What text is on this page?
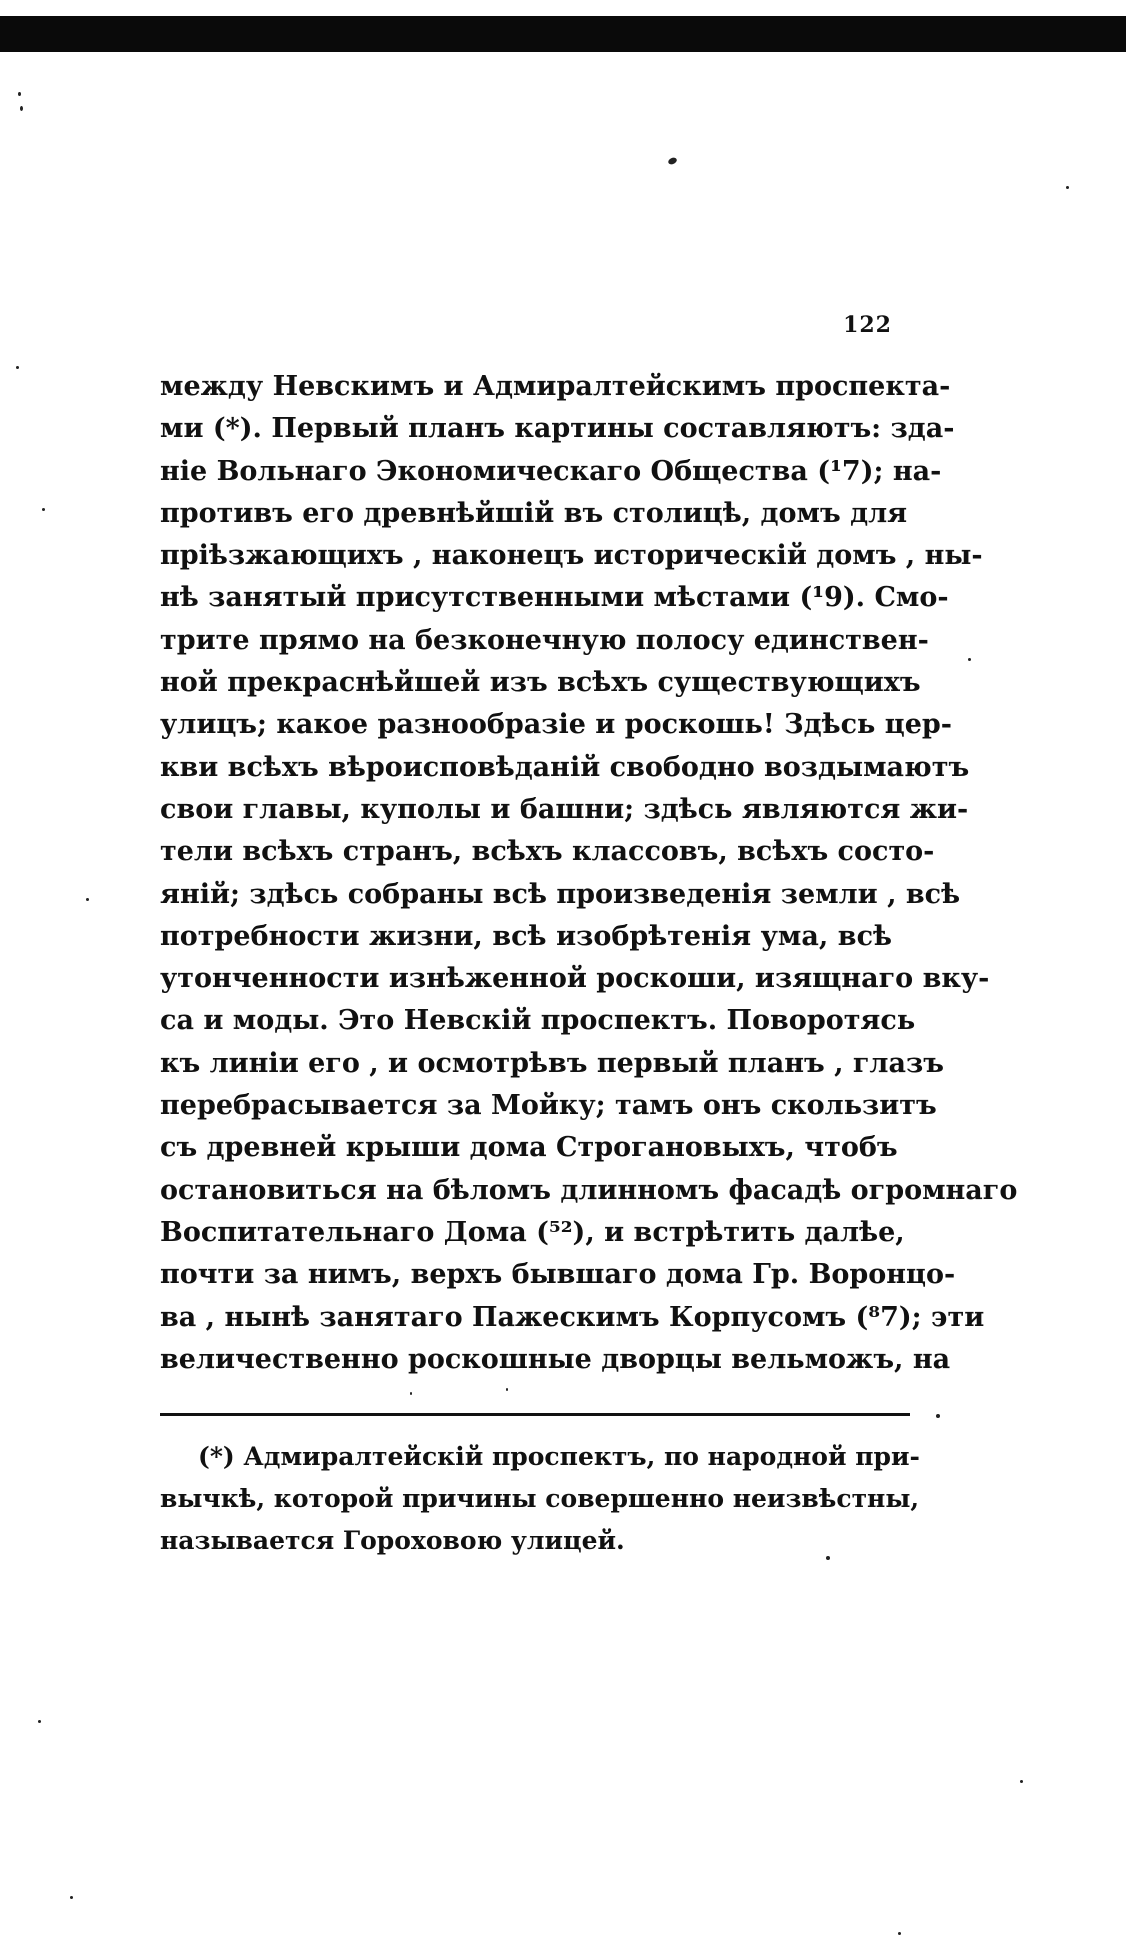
122
между Невскимъ и Адмиралтейскимъ проспекта-
ми (*). Первый планъ картины составляютъ: зда-
ніе Вольнаго Экономическаго Общества (¹7); на-
противъ его древнѣйшій въ столицѣ, домъ для
пріѣзжающихъ , наконецъ историческій домъ , ны-
нѣ занятый присутственными мѣстами (¹9). Смо-
трите прямо на безконечную полосу единствен-
ной прекраснѣйшей изъ всѣхъ существующихъ
улицъ; какое разнообразіе и роскошь! Здѣсь цер-
кви всѣхъ вѣроисповѣданій свободно воздымаютъ
свои главы, куполы и башни; здѣсь являются жи-
тели всѣхъ странъ, всѣхъ классовъ, всѣхъ состо-
яній; здѣсь собраны всѣ произведенія земли , всѣ
потребности жизни, всѣ изобрѣтенія ума, всѣ
утонченности изнѣженной роскоши, изящнаго вку-
са и моды. Это Невскій проспектъ. Поворотясь
къ линіи его , и осмотрѣвъ первый планъ , глазъ
перебрасывается за Мойку; тамъ онъ скользитъ
съ древней крыши дома Строгановыхъ, чтобъ
остановиться на бѣломъ длинномъ фасадѣ огромнаго
Воспитательнаго Дома (⁵²), и встрѣтить далѣе,
почти за нимъ, верхъ бывшаго дома Гр. Воронцо-
ва , нынѣ занятаго Пажескимъ Корпусомъ (⁸7); эти
величественно роскошные дворцы вельможъ, на
(*) Адмиралтейскій проспектъ, по народной при-
вычкѣ, которой причины совершенно неизвѣстны,
называется Гороховою улицей.
